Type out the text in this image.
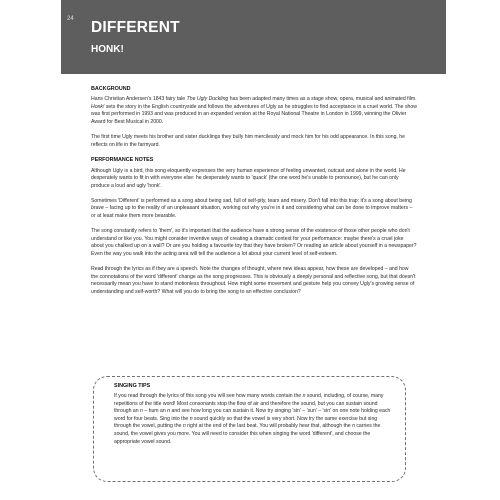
24 DIFFERENT
HONK!

BACKGROUND

Hans Christian Andersen's 1843 fairy tale The Ugly Duckling has been adapted many times as a stage show, opera, musical and animated film. Honk! sets the story in the English countryside and follows the adventures of Ugly as he struggles to find acceptance in a cruel world. The show was first performed in 1993 and was produced in an expanded version at the Royal National Theatre in London in 1999, winning the Olivier Award for Best Musical in 2000.

The first time Ugly meets his brother and sister ducklings they bully him mercilessly and mock him for his odd appearance. In this song, he reflects on life in the farmyard.

PERFORMANCE NOTES

Although Ugly is a bird, this song eloquently expresses the very human experience of feeling unwanted, outcast and alone in the world. He desperately wants to fit in with everyone else: he desperately wants to 'quack' (the one word he's unable to pronounce), but he can only produce a loud and ugly 'honk'.

Sometimes 'Different' is performed as a song about being sad, full of self-pity, tears and misery. Don't fall into this trap: it's a song about being brave – facing up to the reality of an unpleasant situation, working out why you're in it and considering what can be done to improve matters – or at least make them more bearable.

The song constantly refers to 'them', so it's important that the audience have a strong sense of the existence of those other people who don't understand or like you. You might consider inventive ways of creating a dramatic context for your performance: maybe there's a cruel joke about you chalked up on a wall? Or are you holding a favourite toy that they have broken? Or reading an article about yourself in a newspaper? Even the way you walk into the acting area will tell the audience a lot about your current level of self-esteem.

Read through the lyrics as if they are a speech. Note the changes of thought, where new ideas appear, how these are developed – and how the connotations of the word 'different' change as the song progresses. This is obviously a deeply personal and reflective song, but that doesn't necessarily mean you have to stand motionless throughout. How might some movement and gesture help you convey Ugly's growing sense of understanding and self-worth? What will you do to bring the song to an effective conclusion?

SINGING TIPS

If you read through the lyrics of this song you will see how many words contain the n sound, including, of course, many repetitions of the title word! Most consonants stop the flow of air and therefore the sound, but you can sustain sound through an n – hum an n and see how long you can sustain it. Now try singing 'sin' – 'sun' – 'sin' on one note holding each word for four beats. Sing into the n sound quickly so that the vowel is very short. Now try the same exercise but sing through the vowel, putting the n right at the end of the last beat. You will probably hear that, although the n carries the sound, the vowel gives you more. You will need to consider this when singing the word 'different', and choose the appropriate vowel sound.
